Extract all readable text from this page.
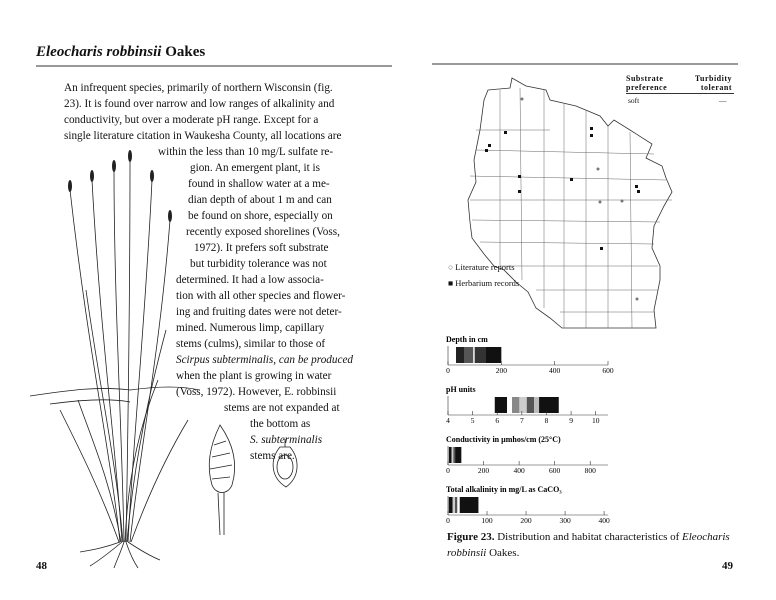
Eleocharis robbinsii Oakes
An infrequent species, primarily of northern Wisconsin (fig.
23). It is found over narrow and low ranges of alkalinity and
conductivity, but over a moderate pH range. Except for a
single literature citation in Waukesha County, all locations are
within the less than 10 mg/L sulfate re-
gion. An emergent plant, it is
found in shallow water at a me-
dian depth of about 1 m and can
be found on shore, especially on
recently exposed shorelines (Voss,
1972). It prefers soft substrate
but turbidity tolerance was not
determined. It had a low associa-
tion with all other species and flower-
ing and fruiting dates were not deter-
mined. Numerous limp, capillary
stems (culms), similar to those of
Scirpus subterminalis, can be produced
when the plant is growing in water
(Voss, 1972). However, E. robbinsii
stems are not expanded at
the bottom as
S. subterminalis
stems are.
48
Substrate preference
Turbidity tolerant
soft	—
○ Literature reports
■ Herbarium records
Depth in cm
0	200	400	600
pH units
4	5	6	7	8	9	10
Conductivity in µmhos/cm (25°C)
0	200	400	600	800
Total alkalinity in mg/L as CaCO₃
0	100	200	300	400
Figure 23. Distribution and habitat characteristics of Eleocharis robbinsii Oakes.
49
